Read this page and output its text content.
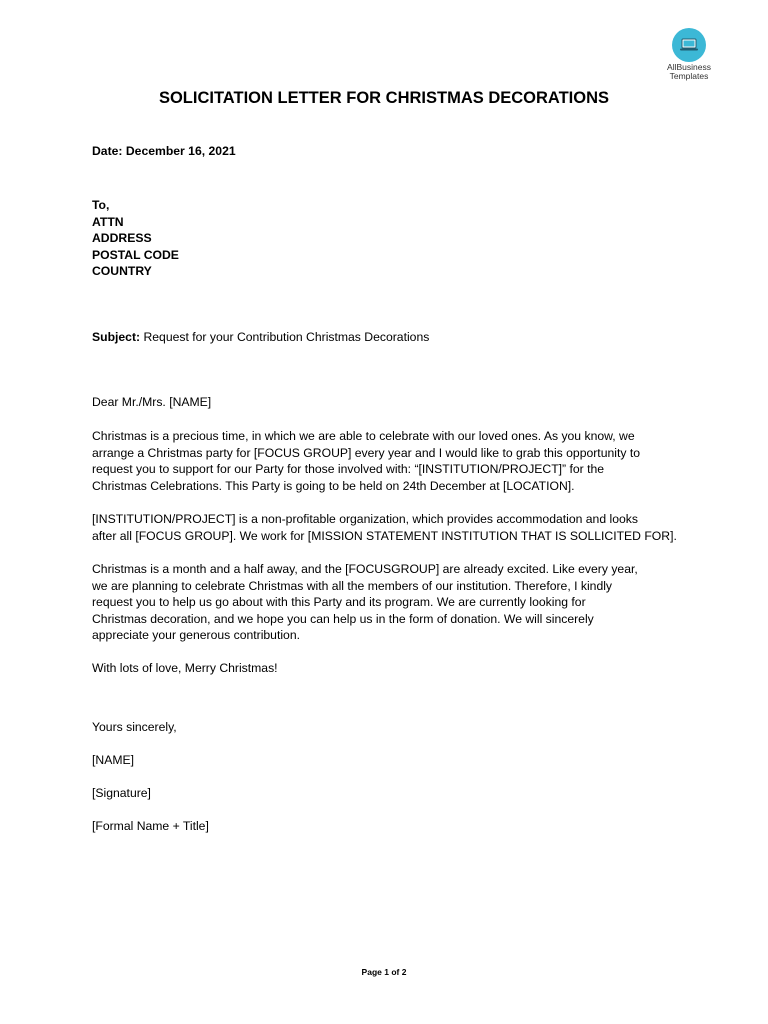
AllBusiness
Templates
SOLICITATION LETTER FOR CHRISTMAS DECORATIONS
Date: December 16, 2021

To,

ATTN

ADDRESS

POSTAL CODE

COUNTRY

Subject: Request for your Contribution Christmas Decorations
Dear Mr./Mrs. [NAME]

Christmas is a precious time, in which we are able to celebrate with our loved ones. As you know, we

arrange a Christmas party for [FOCUS GROUP] every year and I would like to grab this opportunity to

request you to support for our Party for those involved with: “[INSTITUTION/PROJECT]” for the

Christmas Celebrations. This Party is going to be held on 24th December at [LOCATION].

[INSTITUTION/PROJECT] is a non-profitable organization, which provides accommodation and looks

after all [FOCUS GROUP]. We work for [MISSION STATEMENT INSTITUTION THAT IS SOLLICITED FOR].

Christmas is a month and a half away, and the [FOCUSGROUP] are already excited. Like every year,

we are planning to celebrate Christmas with all the members of our institution. Therefore, I kindly

request you to help us go about with this Party and its program. We are currently looking for

Christmas decoration, and we hope you can help us in the form of donation. We will sincerely

appreciate your generous contribution.

With lots of love, Merry Christmas!
Yours sincerely,
[NAME]
[Signature]
[Formal Name + Title]
Page 1 of 2
